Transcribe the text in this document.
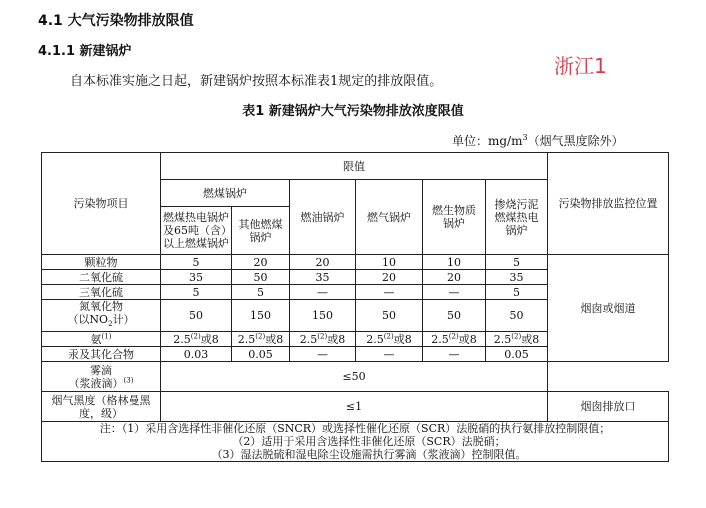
4.1 大气污染物排放限值
4.1.1 新建锅炉
自本标准实施之日起，新建锅炉按照本标准表1规定的排放限值。
浙江1
表1 新建锅炉大气污染物排放浓度限值
单位：$mg/m^3$（烟气黑度除外）
污染物项目	限值						污染物排放监控位置
	燃煤锅炉		燃油锅炉	燃气锅炉	燃生物质锅炉	掺烧污泥燃煤热电锅炉	
	燃煤热电锅炉及65吨（含）以上燃煤锅炉	其他燃煤锅炉					
颗粒物	5	20	20	10	10	5	烟囱或烟道
二氧化硫	35	50	35	20	20	35	
三氧化硫	5	5	—	—	—	5	
氮氧化物
（以$NO_2$计）	50	150	150	50	50	50	
氨$^{(1)}$	2.5$^{(2)}$或8	2.5$^{(2)}$或8	2.5$^{(2)}$或8	2.5$^{(2)}$或8	2.5$^{(2)}$或8	2.5$^{(2)}$或8	
汞及其化合物	0.03	0.05	—	—	—	0.05	
雾滴
（浆液滴）$^{(3)}$	≤50						
烟气黑度（格林曼黑度，级）	≤1						烟囱排放口

注：（1）采用含选择性非催化还原（SNCR）或选择性催化还原（SCR）法脱硝的执行氨排放控制限值；
（2）适用于采用含选择性非催化还原（SCR）法脱硝；
（3）湿法脱硫和湿电除尘设施需执行雾滴（浆液滴）控制限值。							
